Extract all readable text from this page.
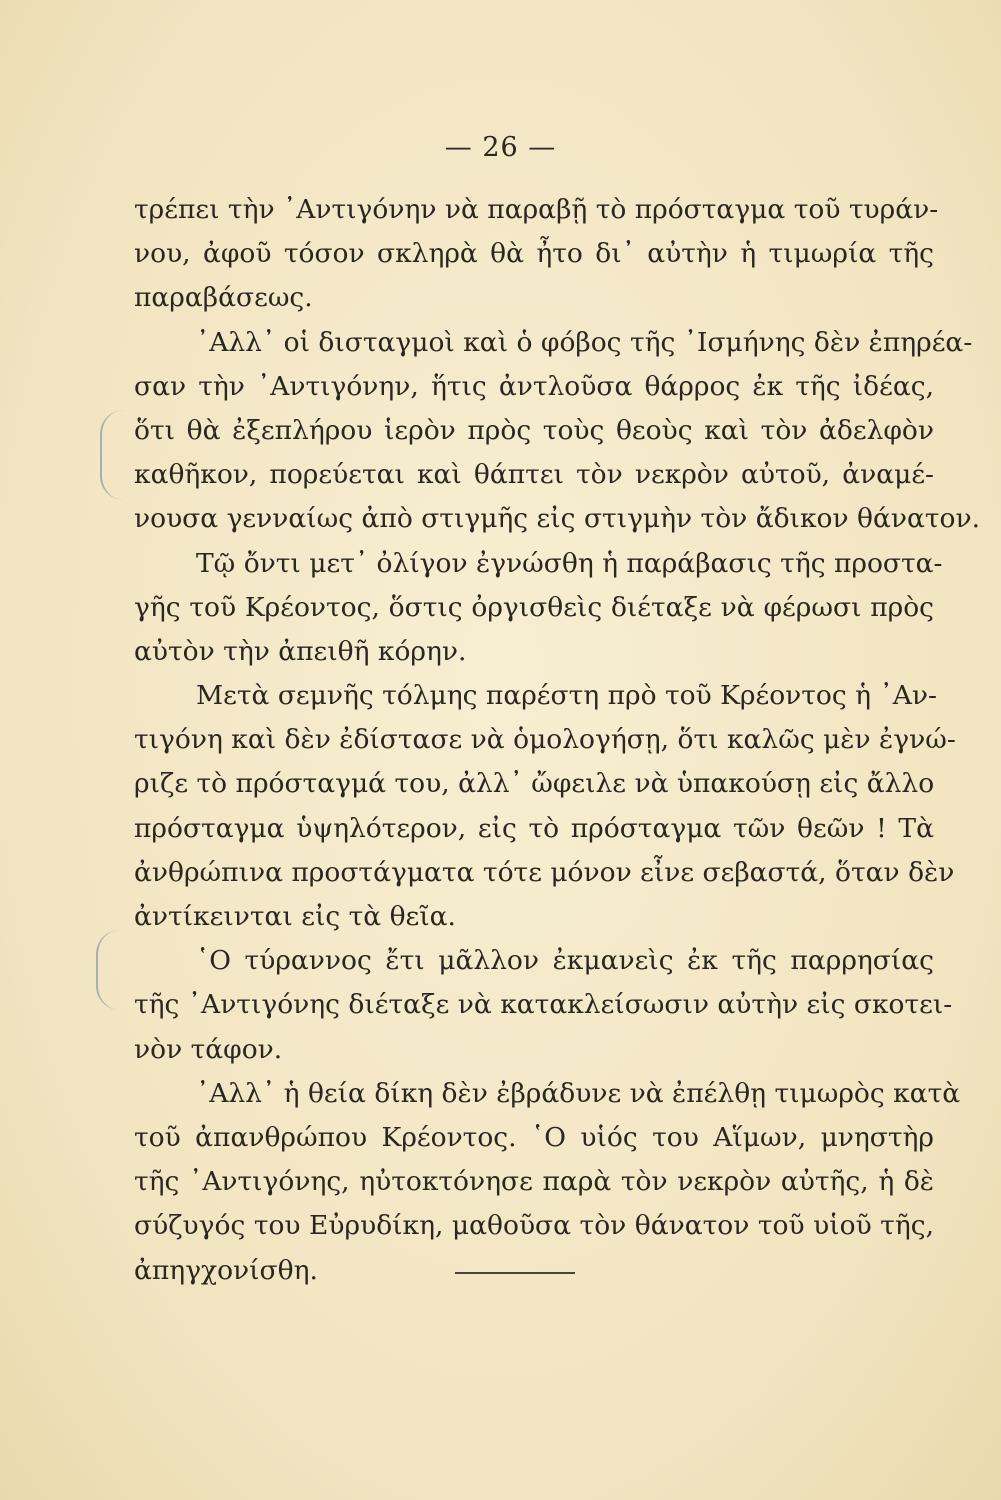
— 26 —
τρέπει τὴν ᾿Αντιγόνην νὰ παραβῇ τὸ πρόσταγμα τοῦ τυράν-
νου, ἀφοῦ τόσον σκληρὰ θὰ ἦτο δι᾿ αὐτὴν ἡ τιμωρία τῆς
παραβάσεως.
᾿Αλλ᾿ οἱ δισταγμοὶ καὶ ὁ φόβος τῆς ᾿Ισμήνης δὲν ἐπηρέα-
σαν τὴν ᾿Αντιγόνην, ἥτις ἀντλοῦσα θάρρος ἐκ τῆς ἰδέας,
ὅτι θὰ ἐξεπλήρου ἱερὸν πρὸς τοὺς θεοὺς καὶ τὸν ἀδελφὸν
καθῆκον, πορεύεται καὶ θάπτει τὸν νεκρὸν αὐτοῦ, ἀναμέ-
νουσα γενναίως ἀπὸ στιγμῆς εἰς στιγμὴν τὸν ἄδικον θάνατον.
Τῷ ὄντι μετ᾿ ὀλίγον ἐγνώσθη ἡ παράβασις τῆς προστα-
γῆς τοῦ Κρέοντος, ὅστις ὀργισθεὶς διέταξε νὰ φέρωσι πρὸς
αὐτὸν τὴν ἀπειθῆ κόρην.
Μετὰ σεμνῆς τόλμης παρέστη πρὸ τοῦ Κρέοντος ἡ ᾿Αν-
τιγόνη καὶ δὲν ἐδίστασε νὰ ὁμολογήσῃ, ὅτι καλῶς μὲν ἐγνώ-
ριζε τὸ πρόσταγμά του, ἀλλ᾿ ὤφειλε νὰ ὑπακούσῃ εἰς ἄλλο
πρόσταγμα ὑψηλότερον, εἰς τὸ πρόσταγμα τῶν θεῶν ! Τὰ
ἀνθρώπινα προστάγματα τότε μόνον εἶνε σεβαστά, ὅταν δὲν
ἀντίκεινται εἰς τὰ θεῖα.
῾Ο τύραννος ἔτι μᾶλλον ἐκμανεὶς ἐκ τῆς παρρησίας
τῆς ᾿Αντιγόνης διέταξε νὰ κατακλείσωσιν αὐτὴν εἰς σκοτει-
νὸν τάφον.
᾿Αλλ᾿ ἡ θεία δίκη δὲν ἐβράδυνε νὰ ἐπέλθῃ τιμωρὸς κατὰ
τοῦ ἀπανθρώπου Κρέοντος. ῾Ο υἱός του Αἵμων, μνηστὴρ
τῆς ᾿Αντιγόνης, ηὐτοκτόνησε παρὰ τὸν νεκρὸν αὐτῆς, ἡ δὲ
σύζυγός του Εὐρυδίκη, μαθοῦσα τὸν θάνατον τοῦ υἱοῦ τῆς,
ἀπηγχονίσθη.
